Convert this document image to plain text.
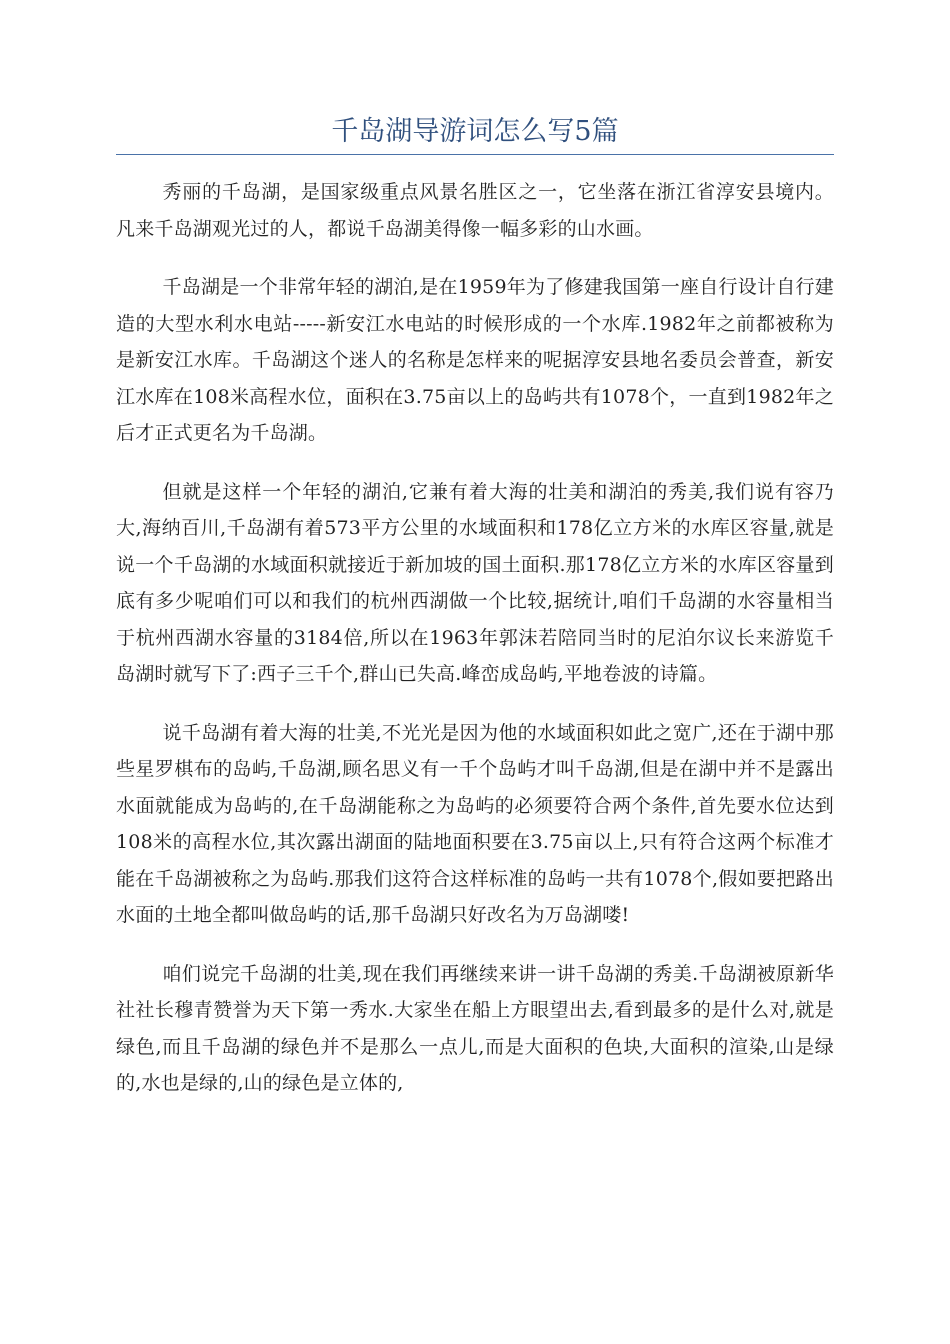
千岛湖导游词怎么写5篇

秀丽的千岛湖，是国家级重点风景名胜区之一，它坐落在浙江省淳安县境内。凡来千岛湖观光过的人，都说千岛湖美得像一幅多彩的山水画。

千岛湖是一个非常年轻的湖泊,是在1959年为了修建我国第一座自行设计自行建造的大型水利水电站-----新安江水电站的时候形成的一个水库.1982年之前都被称为是新安江水库。千岛湖这个迷人的名称是怎样来的呢据淳安县地名委员会普查，新安江水库在108米高程水位，面积在3.75亩以上的岛屿共有1078个，一直到1982年之后才正式更名为千岛湖。

但就是这样一个年轻的湖泊,它兼有着大海的壮美和湖泊的秀美,我们说有容乃大,海纳百川,千岛湖有着573平方公里的水域面积和178亿立方米的水库区容量,就是说一个千岛湖的水域面积就接近于新加坡的国土面积.那178亿立方米的水库区容量到底有多少呢咱们可以和我们的杭州西湖做一个比较,据统计,咱们千岛湖的水容量相当于杭州西湖水容量的3184倍,所以在1963年郭沫若陪同当时的尼泊尔议长来游览千岛湖时就写下了:西子三千个,群山已失高.峰峦成岛屿,平地卷波的诗篇。

说千岛湖有着大海的壮美,不光光是因为他的水域面积如此之宽广,还在于湖中那些星罗棋布的岛屿,千岛湖,顾名思义有一千个岛屿才叫千岛湖,但是在湖中并不是露出水面就能成为岛屿的,在千岛湖能称之为岛屿的必须要符合两个条件,首先要水位达到108米的高程水位,其次露出湖面的陆地面积要在3.75亩以上,只有符合这两个标准才能在千岛湖被称之为岛屿.那我们这符合这样标准的岛屿一共有1078个,假如要把路出水面的土地全都叫做岛屿的话,那千岛湖只好改名为万岛湖喽!

咱们说完千岛湖的壮美,现在我们再继续来讲一讲千岛湖的秀美.千岛湖被原新华社社长穆青赞誉为天下第一秀水.大家坐在船上方眼望出去,看到最多的是什么对,就是绿色,而且千岛湖的绿色并不是那么一点儿,而是大面积的色块,大面积的渲染,山是绿的,水也是绿的,山的绿色是立体的,
